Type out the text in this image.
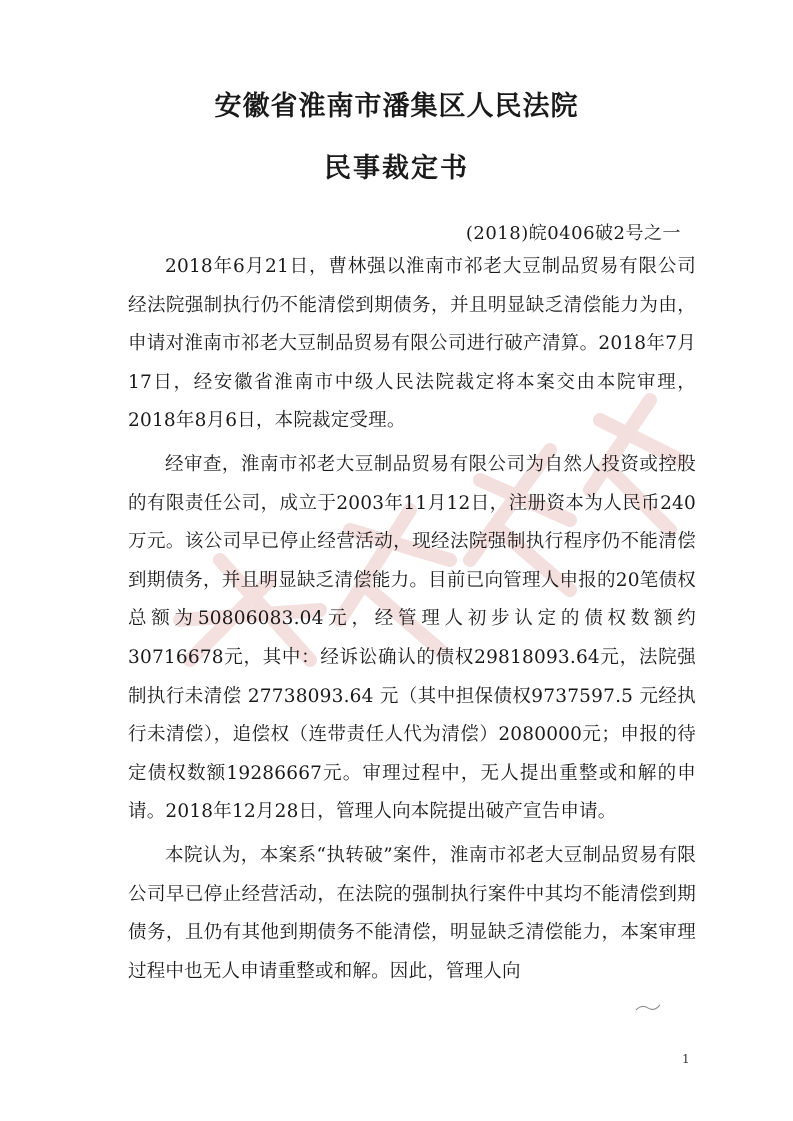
安徽省淮南市潘集区人民法院
民事裁定书
(2018)皖0406破2号之一

2018年6月21日，曹林强以淮南市祁老大豆制品贸易有限公司经法院强制执行仍不能清偿到期债务，并且明显缺乏清偿能力为由，申请对淮南市祁老大豆制品贸易有限公司进行破产清算。2018年7月17日，经安徽省淮南市中级人民法院裁定将本案交由本院审理，2018年8月6日，本院裁定受理。

经审查，淮南市祁老大豆制品贸易有限公司为自然人投资或控股的有限责任公司，成立于2003年11月12日，注册资本为人民币240万元。该公司早已停止经营活动，现经法院强制执行程序仍不能清偿到期债务，并且明显缺乏清偿能力。目前已向管理人申报的20笔债权总额为50806083.04元，经管理人初步认定的债权数额约30716678元，其中：经诉讼确认的债权29818093.64元，法院强制执行未清偿 27738093.64 元（其中担保债权9737597.5 元经执行未清偿），追偿权（连带责任人代为清偿）2080000元；申报的待定债权数额19286667元。审理过程中，无人提出重整或和解的申请。2018年12月28日，管理人向本院提出破产宣告申请。

本院认为，本案系“执转破”案件，淮南市祁老大豆制品贸易有限公司早已停止经营活动，在法院的强制执行案件中其均不能清偿到期债务，且仍有其他到期债务不能清偿，明显缺乏清偿能力，本案审理过程中也无人申请重整或和解。因此，管理人向

1
